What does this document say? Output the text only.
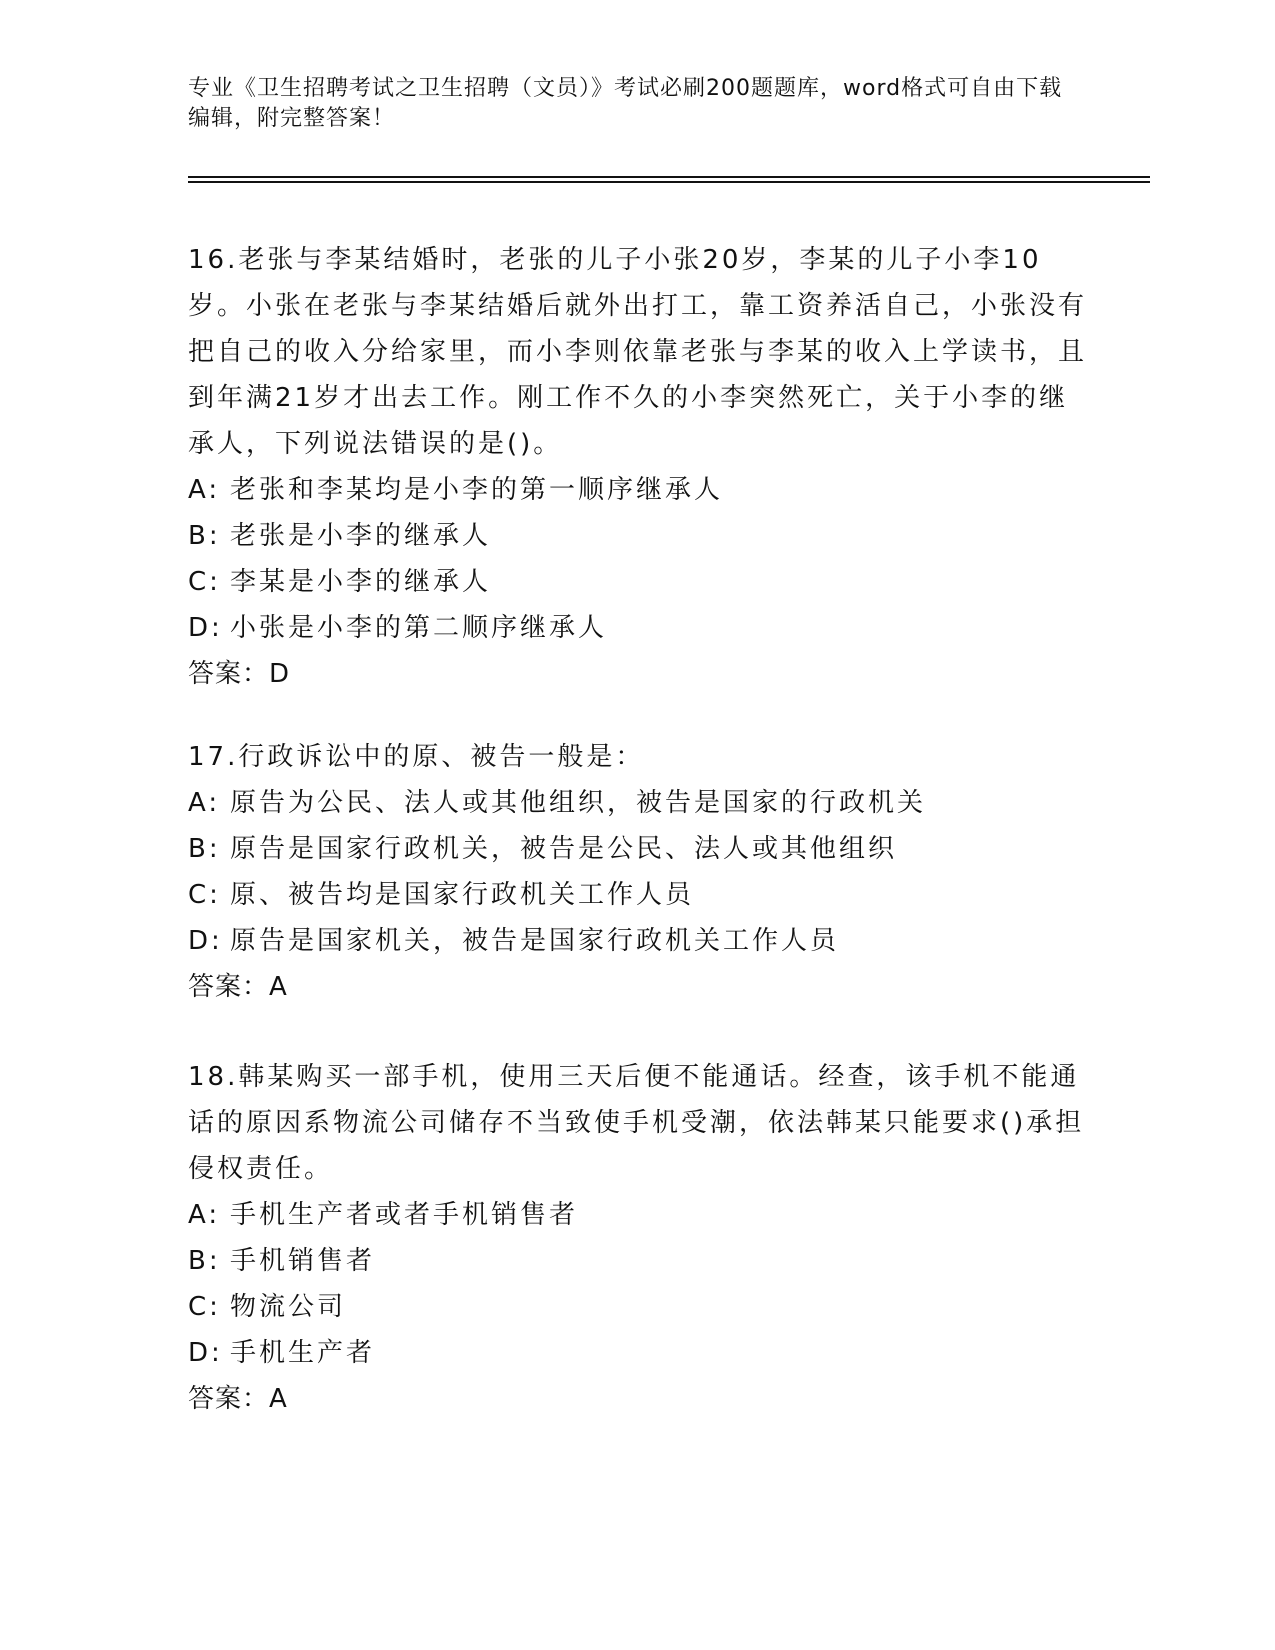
专业《卫生招聘考试之卫生招聘（文员）》考试必刷200题题库，word格式可自由下载编辑，附完整答案！

16.老张与李某结婚时，老张的儿子小张20岁，李某的儿子小李10岁。小张在老张与李某结婚后就外出打工，靠工资养活自己，小张没有把自己的收入分给家里，而小李则依靠老张与李某的收入上学读书，且到年满21岁才出去工作。刚工作不久的小李突然死亡，关于小李的继承人，下列说法错误的是()。

A: 老张和李某均是小李的第一顺序继承人

B: 老张是小李的继承人

C: 李某是小李的继承人

D: 小张是小李的第二顺序继承人

答案：D

17.行政诉讼中的原、被告一般是：

A: 原告为公民、法人或其他组织，被告是国家的行政机关

B: 原告是国家行政机关，被告是公民、法人或其他组织

C: 原、被告均是国家行政机关工作人员

D: 原告是国家机关，被告是国家行政机关工作人员

答案：A

18.韩某购买一部手机，使用三天后便不能通话。经查，该手机不能通话的原因系物流公司储存不当致使手机受潮，依法韩某只能要求()承担侵权责任。

A: 手机生产者或者手机销售者

B: 手机销售者

C: 物流公司

D: 手机生产者

答案：A
